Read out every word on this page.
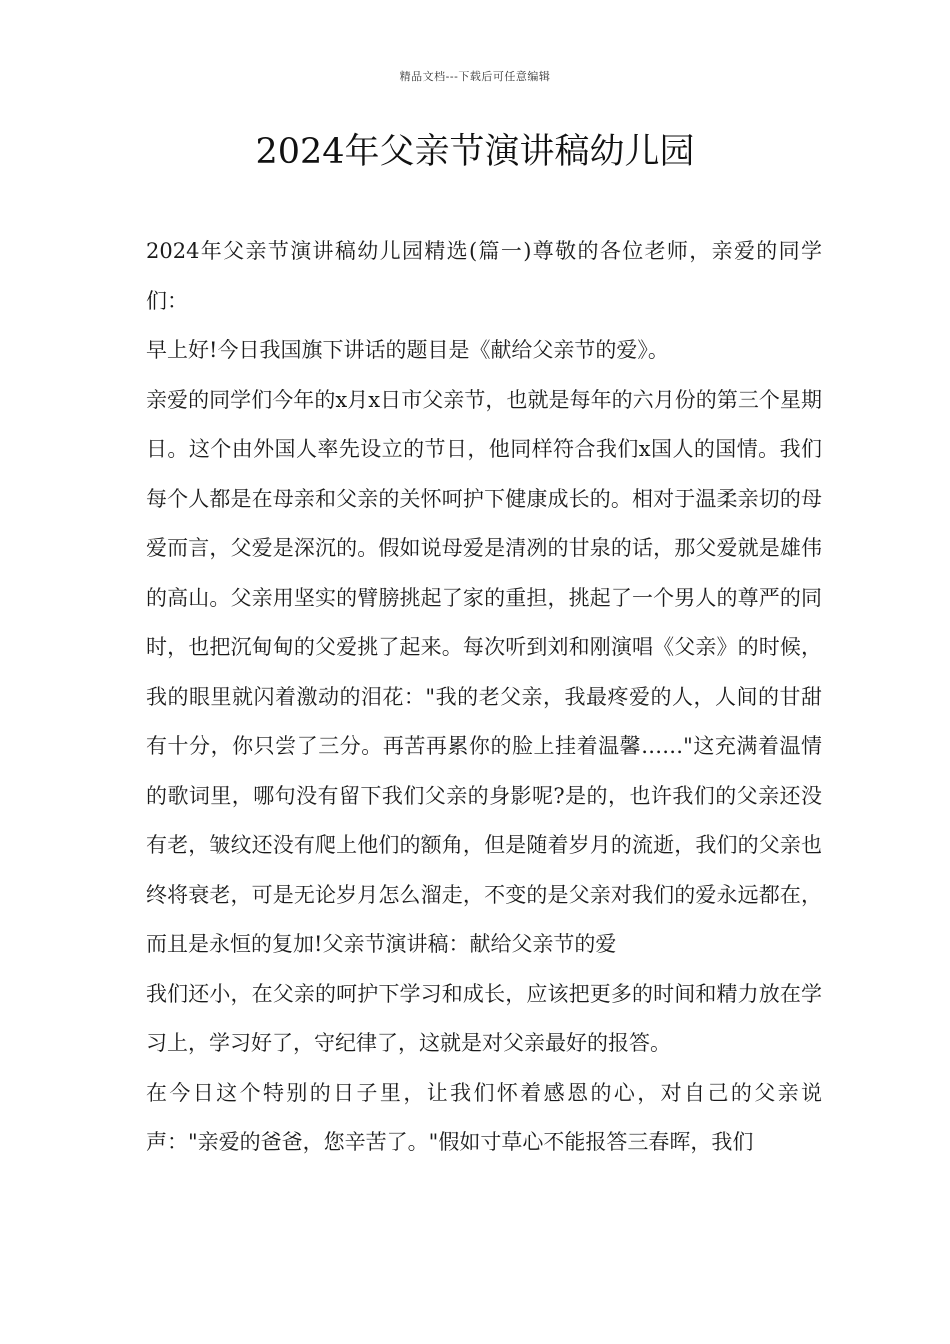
精品文档---下载后可任意编辑
2024年父亲节演讲稿幼儿园

2024年父亲节演讲稿幼儿园精选(篇一)尊敬的各位老师，亲爱的同学们：

早上好!今日我国旗下讲话的题目是《献给父亲节的爱》。

亲爱的同学们今年的x月x日市父亲节，也就是每年的六月份的第三个星期日。这个由外国人率先设立的节日，他同样符合我们x国人的国情。我们每个人都是在母亲和父亲的关怀呵护下健康成长的。相对于温柔亲切的母爱而言，父爱是深沉的。假如说母爱是清冽的甘泉的话，那父爱就是雄伟的高山。父亲用坚实的臂膀挑起了家的重担，挑起了一个男人的尊严的同时，也把沉甸甸的父爱挑了起来。每次听到刘和刚演唱《父亲》的时候，我的眼里就闪着激动的泪花："我的老父亲，我最疼爱的人，人间的甘甜有十分，你只尝了三分。再苦再累你的脸上挂着温馨……"这充满着温情的歌词里，哪句没有留下我们父亲的身影呢?是的，也许我们的父亲还没有老，皱纹还没有爬上他们的额角，但是随着岁月的流逝，我们的父亲也终将衰老，可是无论岁月怎么溜走，不变的是父亲对我们的爱永远都在，而且是永恒的复加!父亲节演讲稿：献给父亲节的爱

我们还小，在父亲的呵护下学习和成长，应该把更多的时间和精力放在学习上，学习好了，守纪律了，这就是对父亲最好的报答。

在今日这个特别的日子里，让我们怀着感恩的心，对自己的父亲说声："亲爱的爸爸，您辛苦了。"假如寸草心不能报答三春晖，我们
